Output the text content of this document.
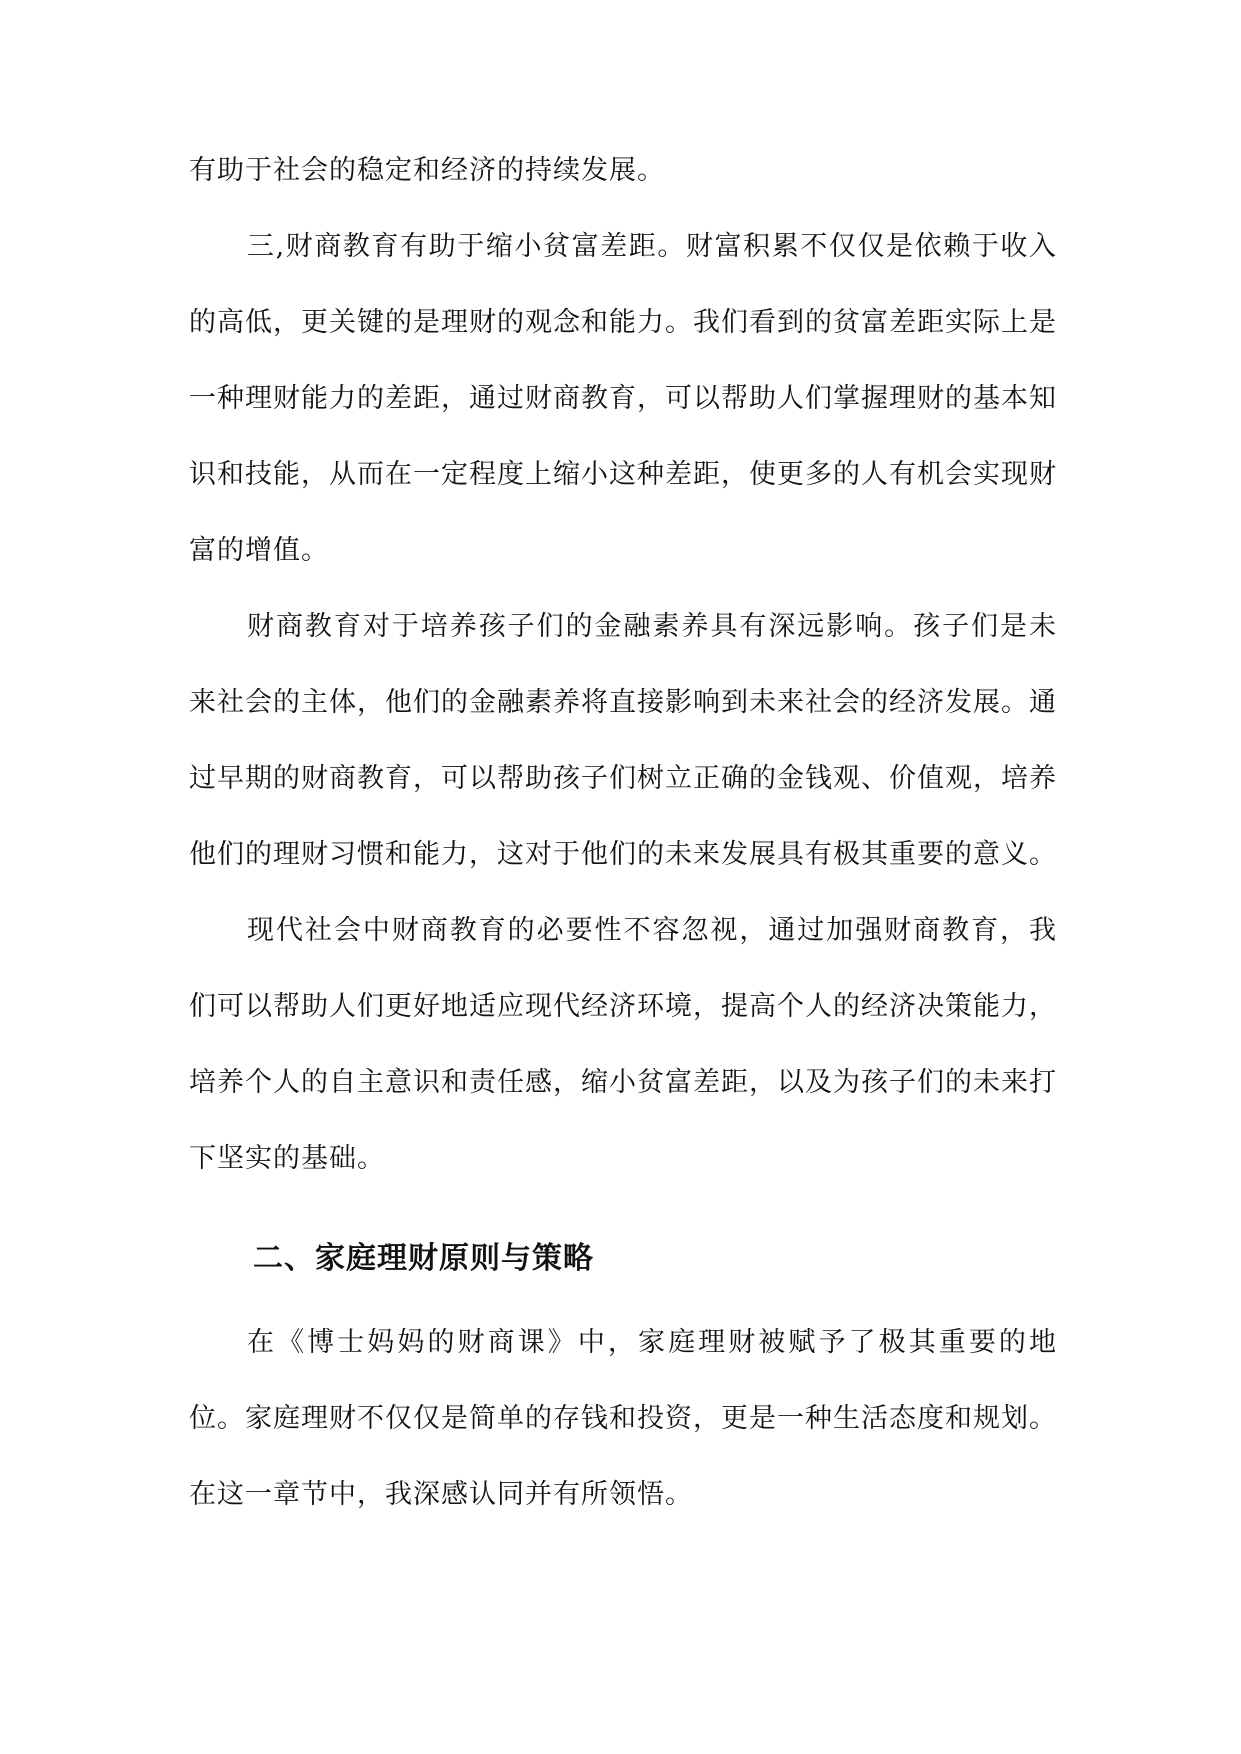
有助于社会的稳定和经济的持续发展。

三,财商教育有助于缩小贫富差距。财富积累不仅仅是依赖于收入的高低，更关键的是理财的观念和能力。我们看到的贫富差距实际上是一种理财能力的差距，通过财商教育，可以帮助人们掌握理财的基本知识和技能，从而在一定程度上缩小这种差距，使更多的人有机会实现财富的增值。

财商教育对于培养孩子们的金融素养具有深远影响。孩子们是未来社会的主体，他们的金融素养将直接影响到未来社会的经济发展。通过早期的财商教育，可以帮助孩子们树立正确的金钱观、价值观，培养他们的理财习惯和能力，这对于他们的未来发展具有极其重要的意义。

现代社会中财商教育的必要性不容忽视，通过加强财商教育，我们可以帮助人们更好地适应现代经济环境，提高个人的经济决策能力，培养个人的自主意识和责任感，缩小贫富差距，以及为孩子们的未来打下坚实的基础。

二、家庭理财原则与策略

在《博士妈妈的财商课》中，家庭理财被赋予了极其重要的地位。家庭理财不仅仅是简单的存钱和投资，更是一种生活态度和规划。在这一章节中，我深感认同并有所领悟。
